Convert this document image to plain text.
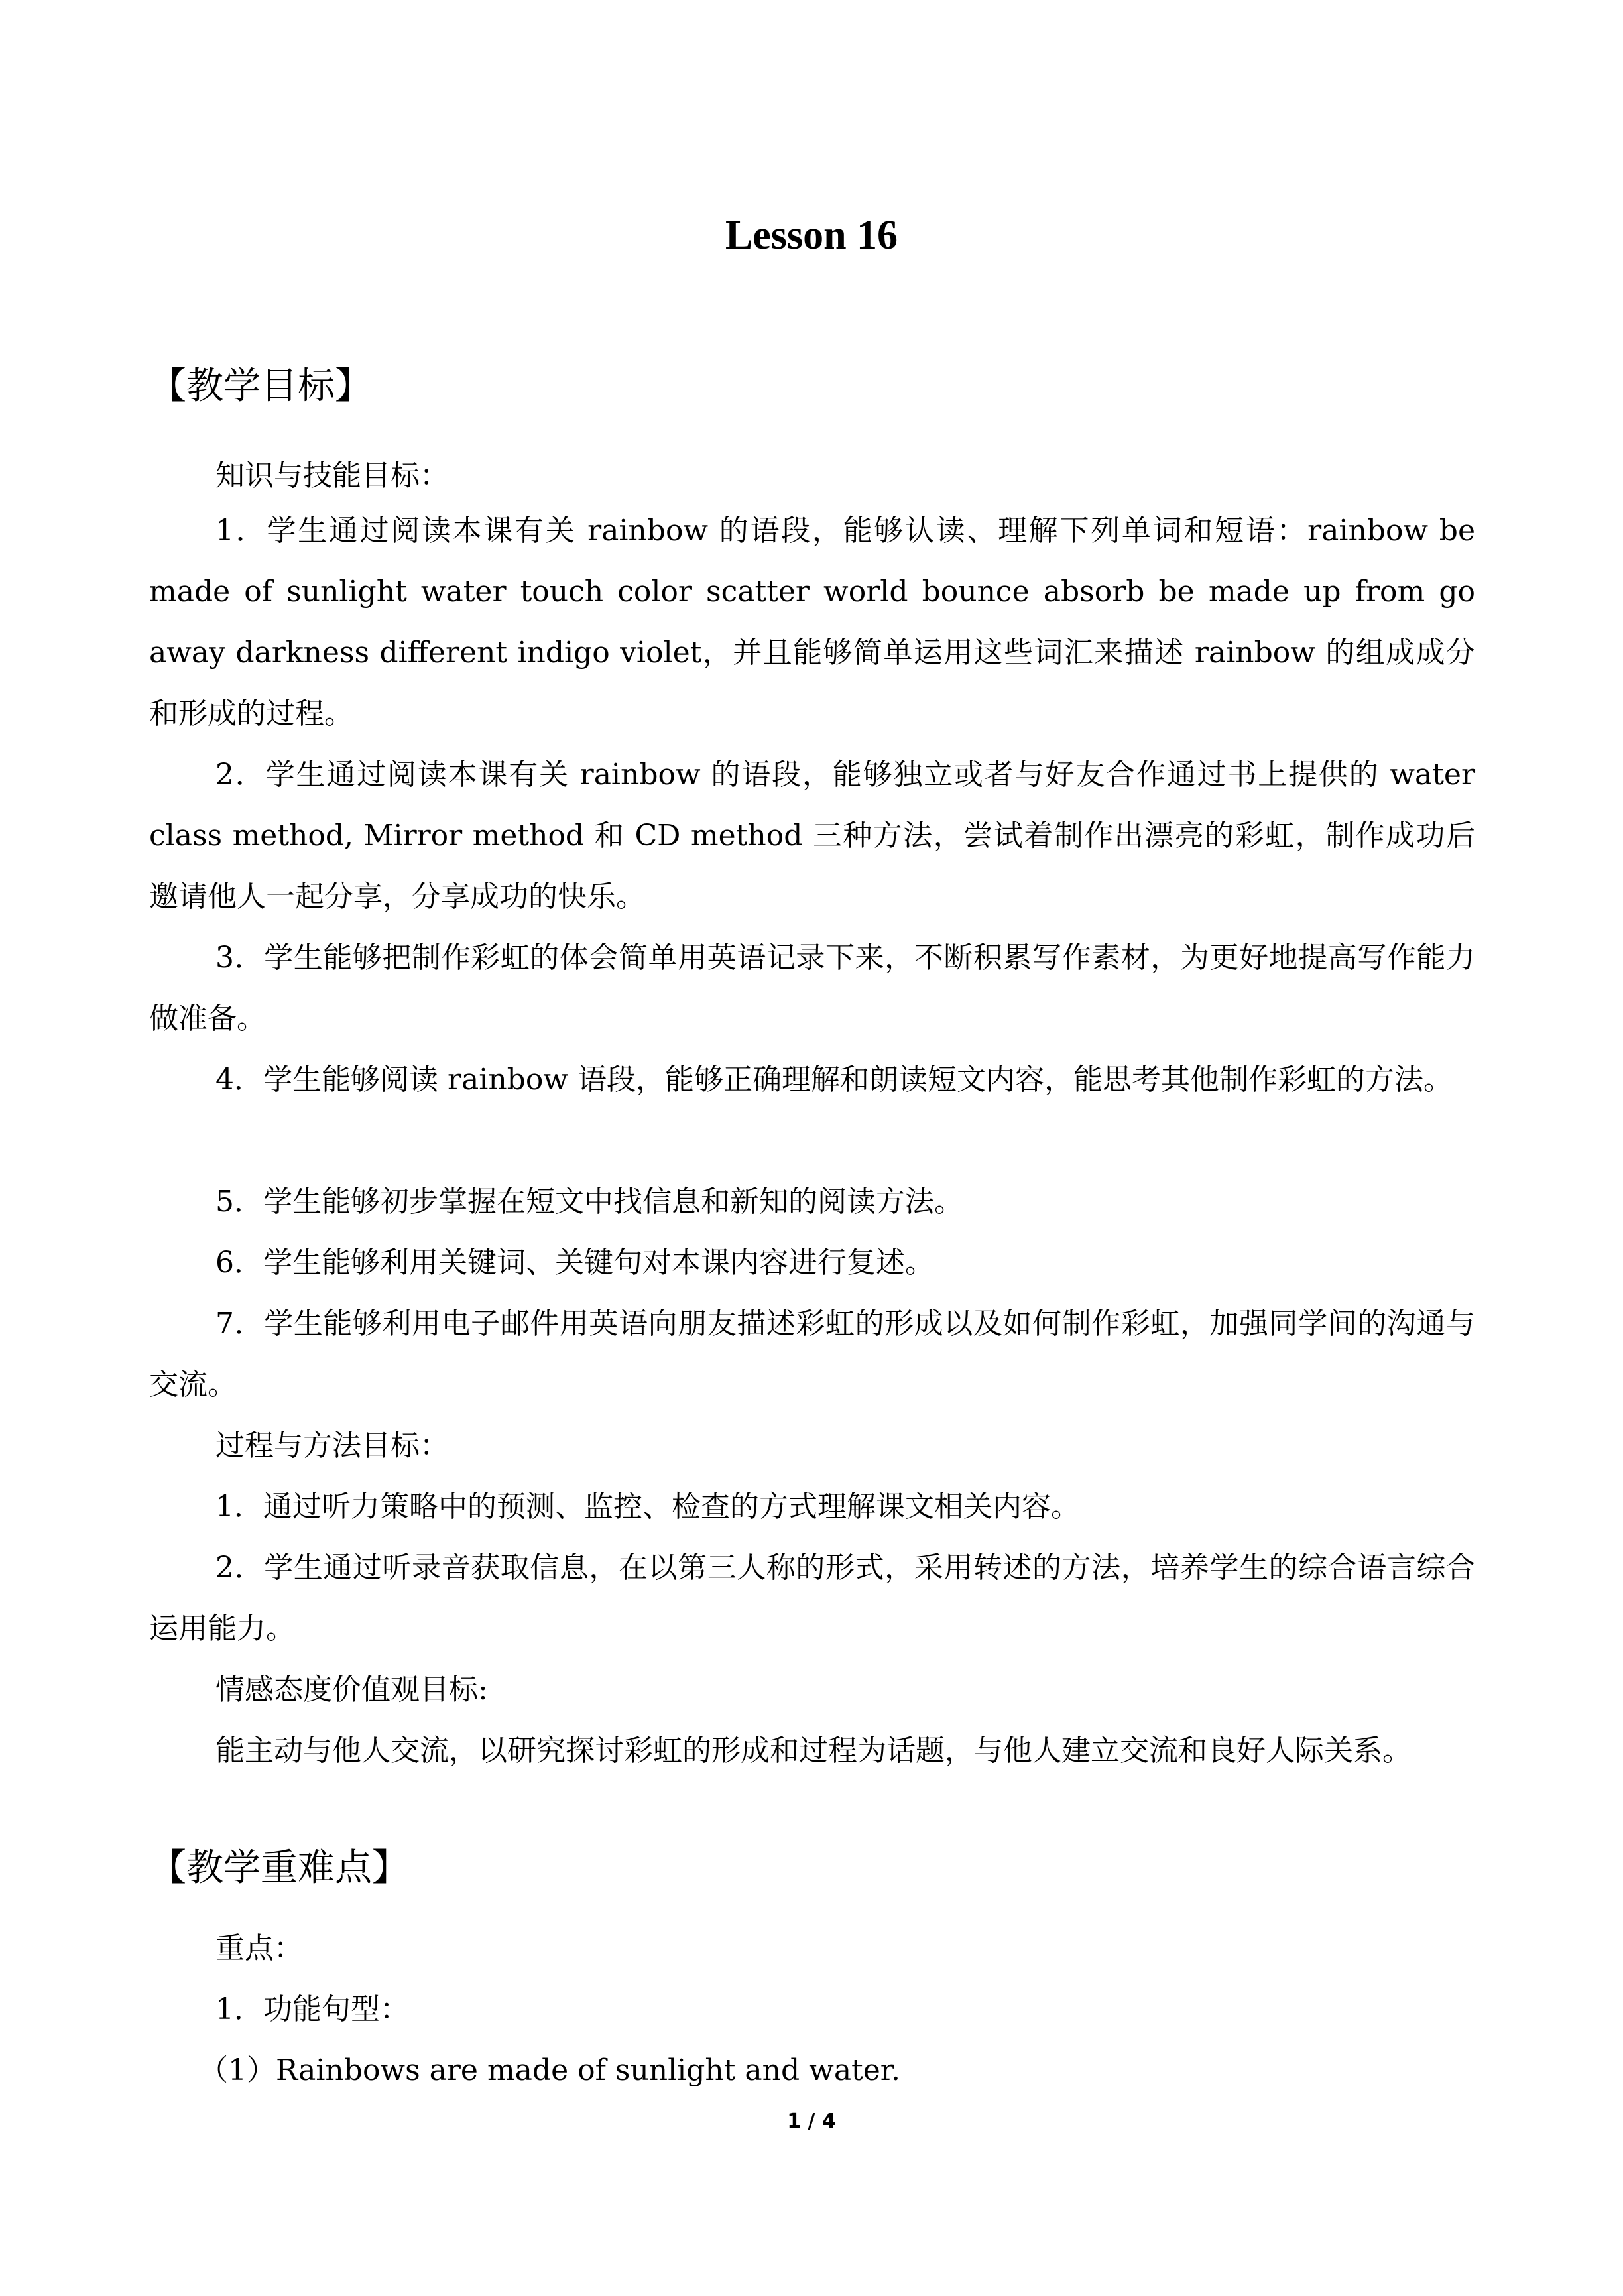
Lesson 16
【教学目标】
知识与技能目标：

1．学生通过阅读本课有关 rainbow 的语段，能够认读、理解下列单词和短语：rainbow be made of sunlight water touch color scatter world bounce absorb be made up from go away darkness different indigo violet，并且能够简单运用这些词汇来描述 rainbow 的组成成分和形成的过程。

2．学生通过阅读本课有关 rainbow 的语段，能够独立或者与好友合作通过书上提供的 water class method, Mirror method 和 CD method 三种方法，尝试着制作出漂亮的彩虹，制作成功后邀请他人一起分享，分享成功的快乐。

3．学生能够把制作彩虹的体会简单用英语记录下来，不断积累写作素材，为更好地提高写作能力做准备。

4．学生能够阅读 rainbow 语段，能够正确理解和朗读短文内容，能思考其他制作彩虹的方法。

5．学生能够初步掌握在短文中找信息和新知的阅读方法。

6．学生能够利用关键词、关键句对本课内容进行复述。

7．学生能够利用电子邮件用英语向朋友描述彩虹的形成以及如何制作彩虹，加强同学间的沟通与交流。

过程与方法目标：

1．通过听力策略中的预测、监控、检查的方式理解课文相关内容。

2．学生通过听录音获取信息，在以第三人称的形式，采用转述的方法，培养学生的综合语言综合运用能力。

情感态度价值观目标:

能主动与他人交流，以研究探讨彩虹的形成和过程为话题，与他人建立交流和良好人际关系。

【教学重难点】
重点：
1．功能句型：
（1）Rainbows are made of sunlight and water.
1 / 4
